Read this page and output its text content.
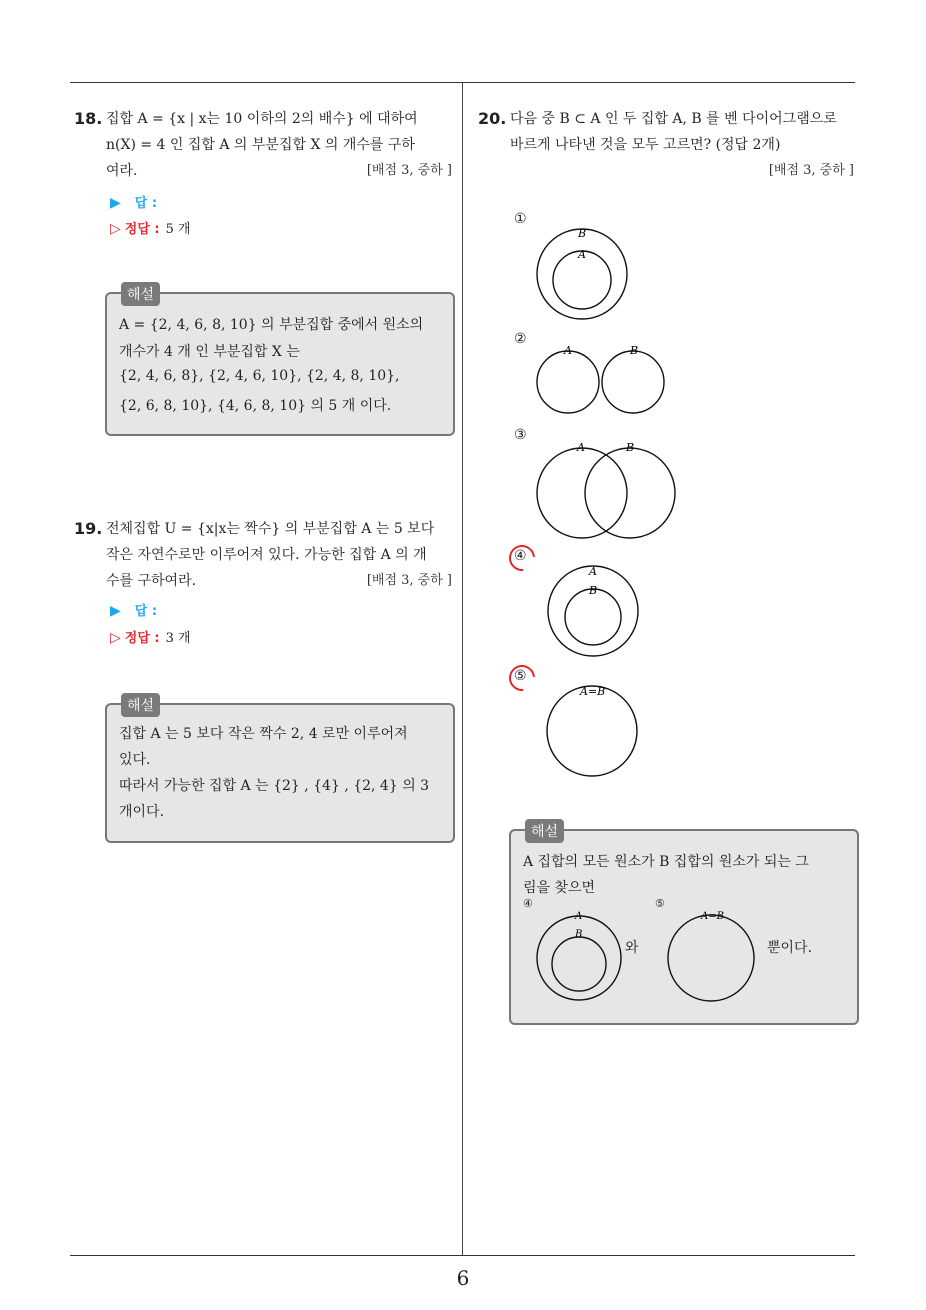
6
18. 집합 A = {x | x는 10 이하의 2의 배수} 에 대하여
n(X) = 4 인 집합 A 의 부분집합 X 의 개수를 구하
여라.	[배점 3, 중하 ]
▶ 답 :
▷ 정답 : 5 개
해설
A = {2, 4, 6, 8, 10} 의 부분집합 중에서 원소의
개수가 4 개 인 부분집합 X 는
{2, 4, 6, 8}, {2, 4, 6, 10}, {2, 4, 8, 10},
{2, 6, 8, 10}, {4, 6, 8, 10} 의 5 개 이다.
19. 전체집합 U = {x|x는 짝수} 의 부분집합 A 는 5 보다
작은 자연수로만 이루어져 있다. 가능한 집합 A 의 개
수를 구하여라.	[배점 3, 중하 ]
▶ 답 :
▷ 정답 : 3 개
해설
집합 A 는 5 보다 작은 짝수 2, 4 로만 이루어져
있다.
따라서 가능한 집합 A 는 {2} , {4} , {2, 4} 의 3
개이다.
20. 다음 중 B ⊂ A 인 두 집합 A, B 를 벤 다이어그램으로
바르게 나타낸 것을 모두 고르면? (정답 2개)
[배점 3, 중하 ]
①
B
A
②
A	B
③
A	B
④
A
B
⑤
A=B
해설
A 집합의 모든 원소가 B 집합의 원소가 되는 그
림을 찾으면
④	⑤
A
B
와
A=B
뿐이다.
